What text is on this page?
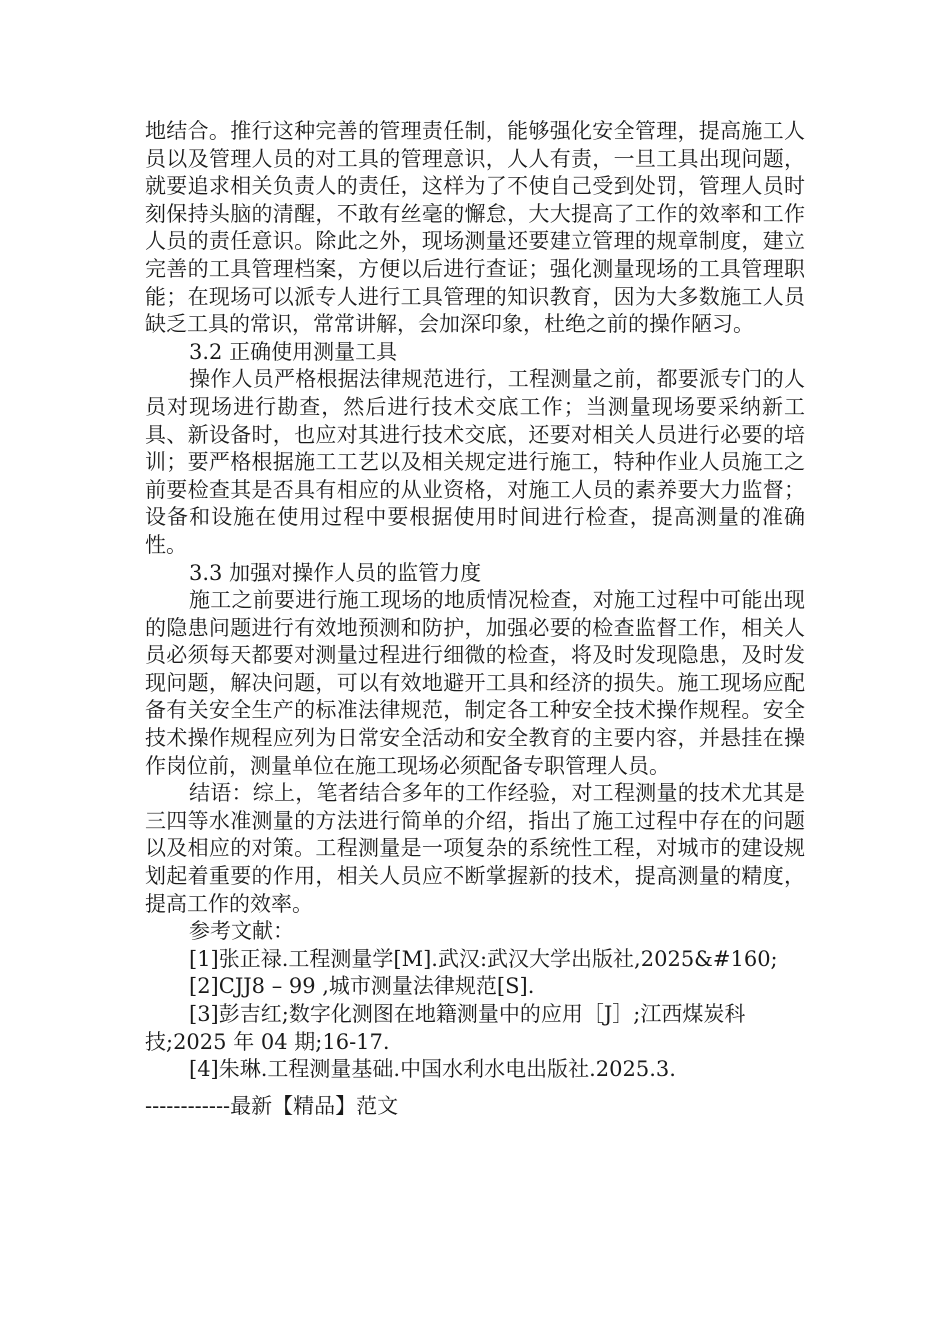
地结合。推行这种完善的管理责任制，能够强化安全管理，提高施工人员以及管理人员的对工具的管理意识，人人有责，一旦工具出现问题，就要追求相关负责人的责任，这样为了不使自己受到处罚，管理人员时刻保持头脑的清醒，不敢有丝毫的懈怠，大大提高了工作的效率和工作人员的责任意识。除此之外，现场测量还要建立管理的规章制度，建立完善的工具管理档案，方便以后进行查证；强化测量现场的工具管理职能；在现场可以派专人进行工具管理的知识教育，因为大多数施工人员缺乏工具的常识，常常讲解，会加深印象，杜绝之前的操作陋习。

3.2 正确使用测量工具

操作人员严格根据法律规范进行，工程测量之前，都要派专门的人员对现场进行勘查，然后进行技术交底工作；当测量现场要采纳新工具、新设备时，也应对其进行技术交底，还要对相关人员进行必要的培训；要严格根据施工工艺以及相关规定进行施工，特种作业人员施工之前要检查其是否具有相应的从业资格，对施工人员的素养要大力监督；设备和设施在使用过程中要根据使用时间进行检查，提高测量的准确性。

3.3 加强对操作人员的监管力度

施工之前要进行施工现场的地质情况检查，对施工过程中可能出现的隐患问题进行有效地预测和防护，加强必要的检查监督工作，相关人员必须每天都要对测量过程进行细微的检查，将及时发现隐患，及时发现问题，解决问题，可以有效地避开工具和经济的损失。施工现场应配备有关安全生产的标准法律规范，制定各工种安全技术操作规程。安全技术操作规程应列为日常安全活动和安全教育的主要内容，并悬挂在操作岗位前，测量单位在施工现场必须配备专职管理人员。

结语：综上，笔者结合多年的工作经验，对工程测量的技术尤其是三四等水准测量的方法进行简单的介绍，指出了施工过程中存在的问题以及相应的对策。工程测量是一项复杂的系统性工程，对城市的建设规划起着重要的作用，相关人员应不断掌握新的技术，提高测量的精度，提高工作的效率。

参考文献：

[1]张正禄.工程测量学[M].武汉:武汉大学出版社,2025&#160;

[2]CJJ8 – 99 ,城市测量法律规范[S].

[3]彭吉红;数字化测图在地籍测量中的应用［J］;江西煤炭科技;2025 年 04 期;16-17.

[4]朱琳.工程测量基础.中国水利水电出版社.2025.3.

------------最新【精品】范文
